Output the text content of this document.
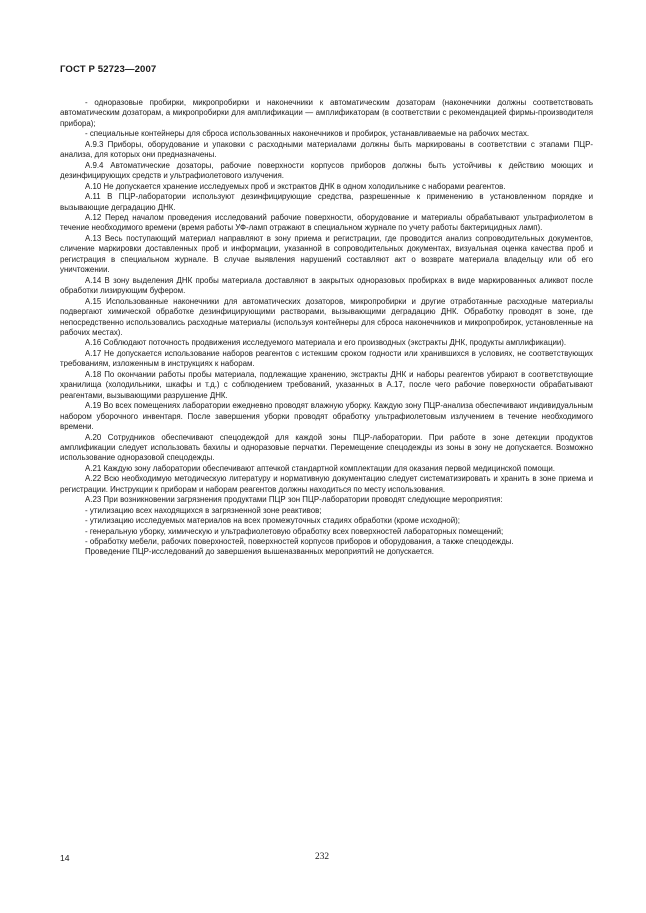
ГОСТ Р 52723—2007

- одноразовые пробирки, микропробирки и наконечники к автоматическим дозаторам (наконечники должны соответствовать автоматическим дозаторам, а микропробирки для амплификации — амплификаторам (в соответствии с рекомендацией фирмы-производителя прибора);

- специальные контейнеры для сброса использованных наконечников и пробирок, устанавливаемые на рабочих местах.

A.9.3 Приборы, оборудование и упаковки с расходными материалами должны быть маркированы в соответствии с этапами ПЦР-анализа, для которых они предназначены.

A.9.4 Автоматические дозаторы, рабочие поверхности корпусов приборов должны быть устойчивы к действию моющих и дезинфицирующих средств и ультрафиолетового излучения.

A.10 Не допускается хранение исследуемых проб и экстрактов ДНК в одном холодильнике с наборами реагентов.

A.11 В ПЦР-лаборатории используют дезинфицирующие средства, разрешенные к применению в установленном порядке и вызывающие деградацию ДНК.

A.12 Перед началом проведения исследований рабочие поверхности, оборудование и материалы обрабатывают ультрафиолетом в течение необходимого времени (время работы УФ-ламп отражают в специальном журнале по учету работы бактерицидных ламп).

A.13 Весь поступающий материал направляют в зону приема и регистрации, где проводится анализ сопроводительных документов, сличение маркировки доставленных проб и информации, указанной в сопроводительных документах, визуальная оценка качества проб и регистрация в специальном журнале. В случае выявления нарушений составляют акт о возврате материала владельцу или об его уничтожении.

A.14 В зону выделения ДНК пробы материала доставляют в закрытых одноразовых пробирках в виде маркированных аликвот после обработки лизирующим буфером.

A.15 Использованные наконечники для автоматических дозаторов, микропробирки и другие отработанные расходные материалы подвергают химической обработке дезинфицирующими растворами, вызывающими деградацию ДНК. Обработку проводят в зоне, где непосредственно использовались расходные материалы (используя контейнеры для сброса наконечников и микропробирок, установленные на рабочих местах).

A.16 Соблюдают поточность продвижения исследуемого материала и его производных (экстракты ДНК, продукты амплификации).

A.17 Не допускается использование наборов реагентов с истекшим сроком годности или хранившихся в условиях, не соответствующих требованиям, изложенным в инструкциях к наборам.

A.18 По окончании работы пробы материала, подлежащие хранению, экстракты ДНК и наборы реагентов убирают в соответствующие хранилища (холодильники, шкафы и т.д.) с соблюдением требований, указанных в А.17, после чего рабочие поверхности обрабатывают реагентами, вызывающими разрушение ДНК.

A.19 Во всех помещениях лаборатории ежедневно проводят влажную уборку. Каждую зону ПЦР-анализа обеспечивают индивидуальным набором уборочного инвентаря. После завершения уборки проводят обработку ультрафиолетовым излучением в течение необходимого времени.

A.20 Сотрудников обеспечивают спецодеждой для каждой зоны ПЦР-лаборатории. При работе в зоне детекции продуктов амплификации следует использовать бахилы и одноразовые перчатки. Перемещение спецодежды из зоны в зону не допускается. Возможно использование одноразовой спецодежды.

A.21 Каждую зону лаборатории обеспечивают аптечкой стандартной комплектации для оказания первой медицинской помощи.

A.22 Всю необходимую методическую литературу и нормативную документацию следует систематизировать и хранить в зоне приема и регистрации. Инструкции к приборам и наборам реагентов должны находиться по месту использования.

A.23 При возникновении загрязнения продуктами ПЦР зон ПЦР-лаборатории проводят следующие мероприятия:

- утилизацию всех находящихся в загрязненной зоне реактивов;

- утилизацию исследуемых материалов на всех промежуточных стадиях обработки (кроме исходной);

- генеральную уборку, химическую и ультрафиолетовую обработку всех поверхностей лабораторных помещений;

- обработку мебели, рабочих поверхностей, поверхностей корпусов приборов и оборудования, а также спецодежды.

Проведение ПЦР-исследований до завершения вышеназванных мероприятий не допускается.

14	232
